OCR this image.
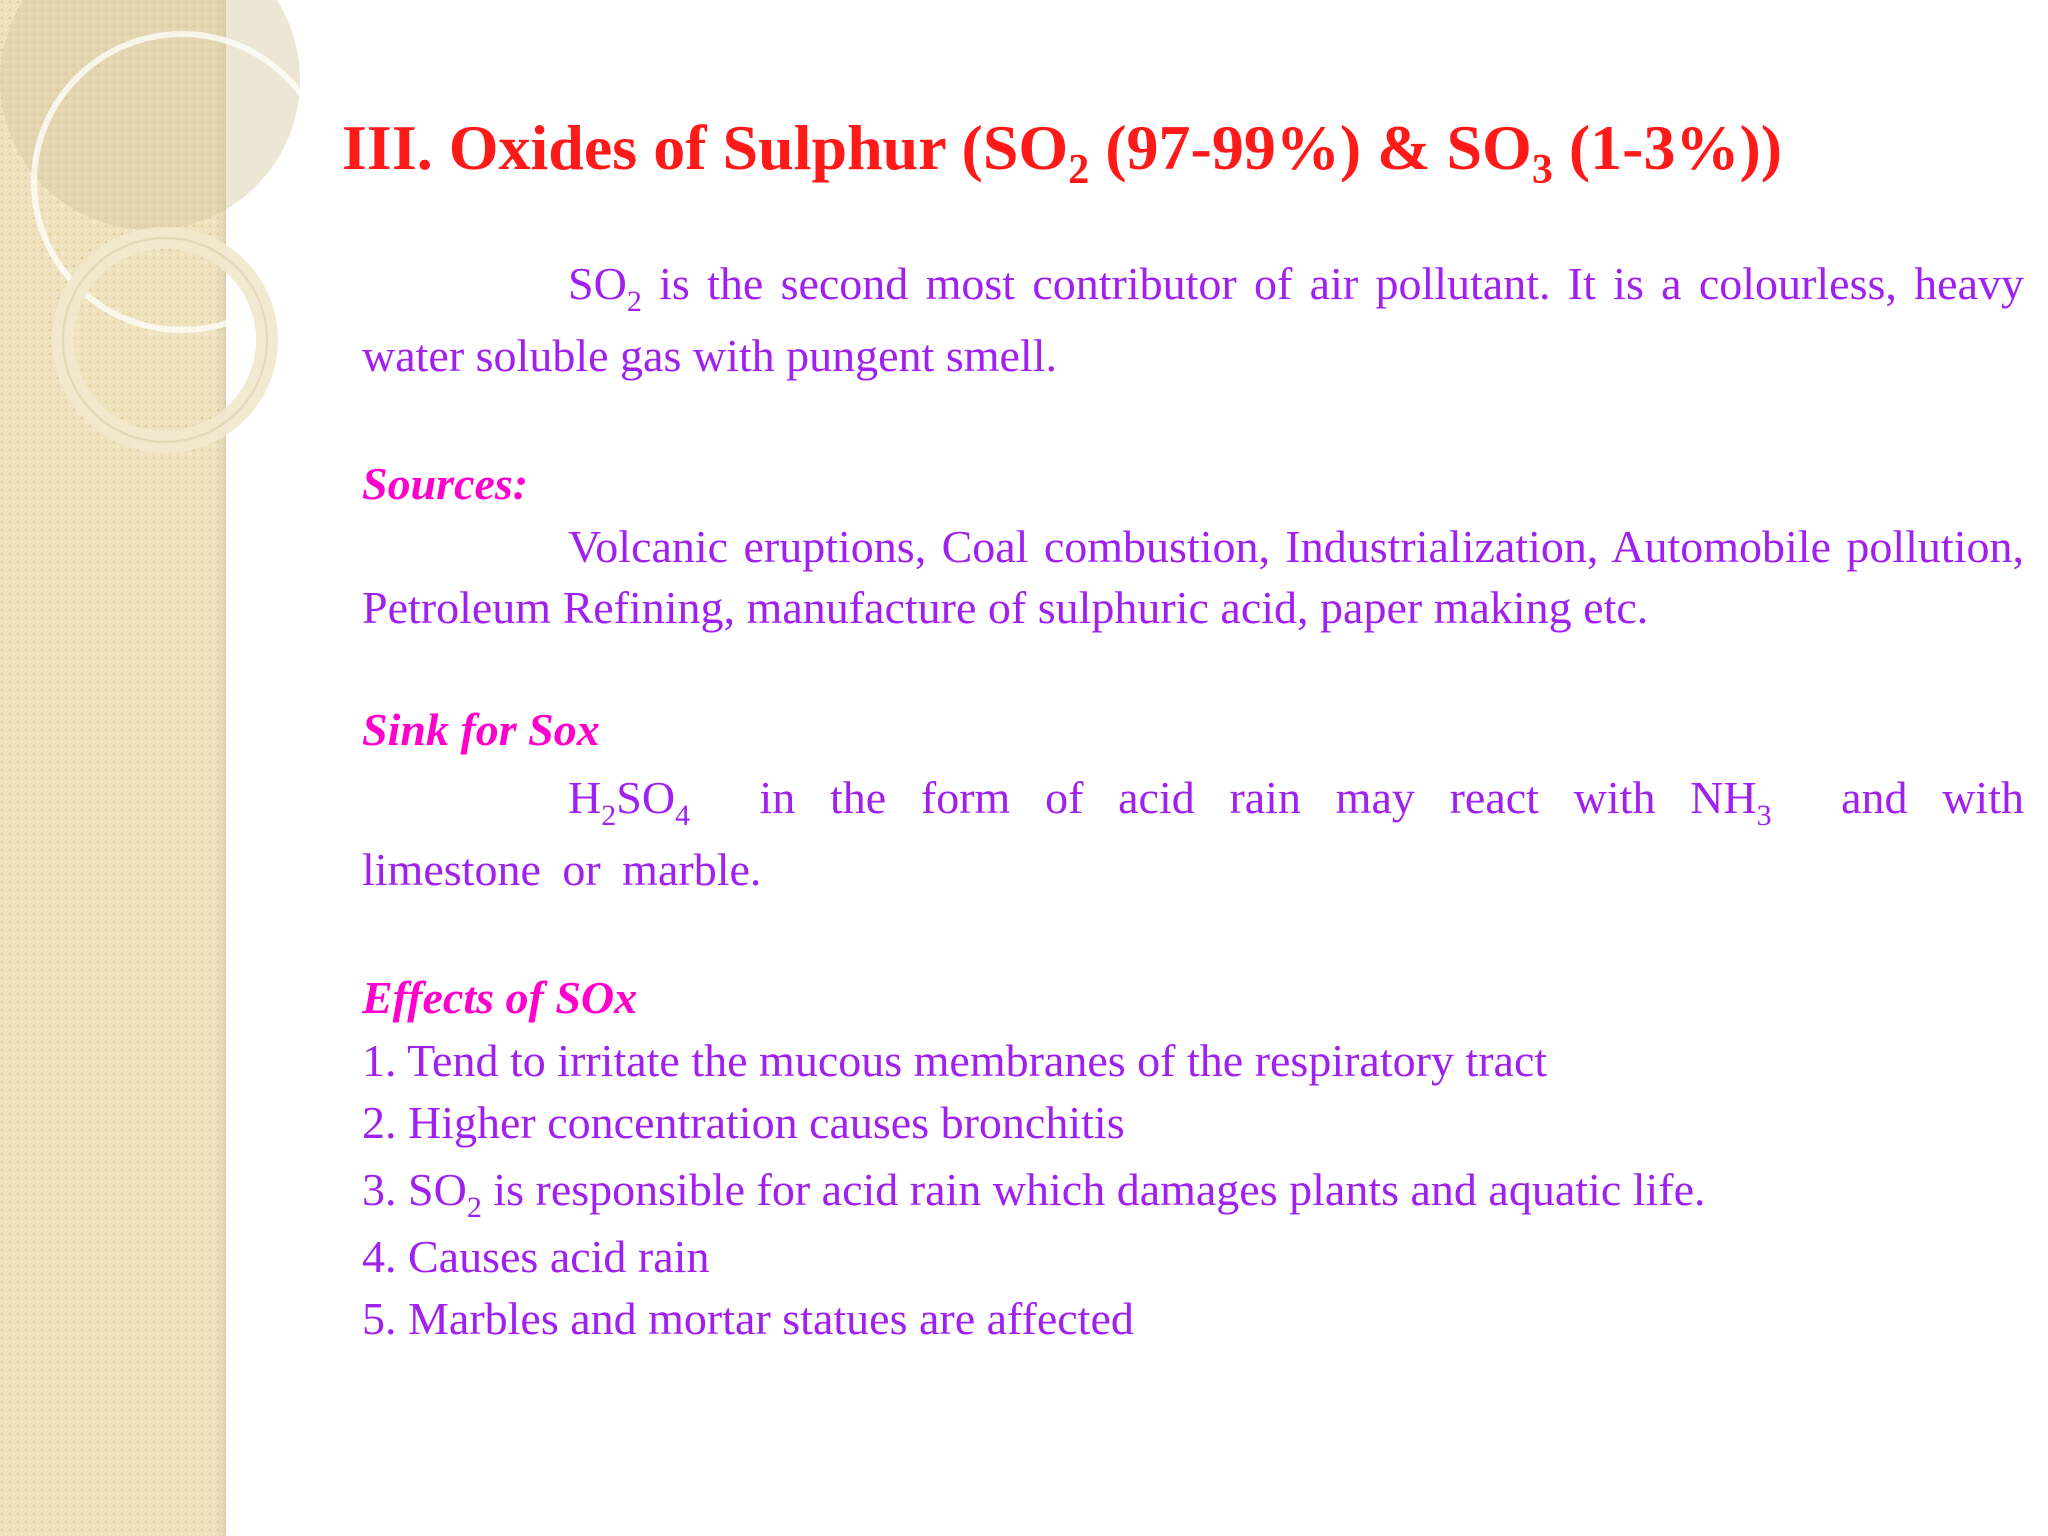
III. Oxides of Sulphur ($SO_2$ (97-99%) & $SO_3$ (1-3%))

$SO_2$ is the second most contributor of air pollutant. It is a colourless, heavy water soluble gas with pungent smell.

Sources:

Volcanic eruptions, Coal combustion, Industrialization, Automobile pollution, Petroleum Refining, manufacture of sulphuric acid, paper making etc.

Sink for Sox

$H_2SO_4$  in the form of acid rain may react with $NH_3$  and with limestone or marble.

Effects of SOx

1. Tend to irritate the mucous membranes of the respiratory tract
2. Higher concentration causes bronchitis
3. $SO_2$ is responsible for acid rain which damages plants and aquatic life.
4. Causes acid rain
5. Marbles and mortar statues are affected
